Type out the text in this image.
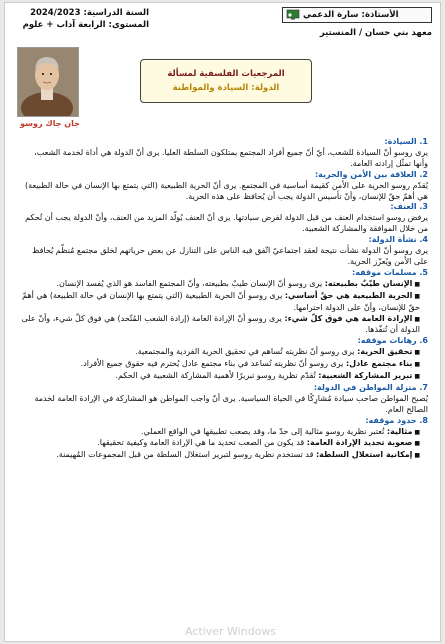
الأستاذة:
سارة الدعمي
معهد بني حسان / المنستير
السنة الدراسية: 2024/2023
المستوى: الرابعة آداب + علوم
جان جاك روسو
المرجعيات الفلسفية لمسألة
الدولة: السيادة والمواطنة
1. السيادة:
يرى روسو أنّ السيادة للشعب، أيّ أنّ جميع أفراد المجتمع يمتلكون السلطة العليا. يرى أنّ الدولة هي أداة لخدمة الشعب، وأنها تمثّل إرادته العامة.
2. العلاقة بين الأمن والحرية:
يُقدّم روسو الحرية على الأمن كقيمة أساسية في المجتمع. يرى أنّ الحرية الطبيعية (التي يتمتع بها الإنسان في حالة الطبيعة) هي أهمّ حقّ للإنسان، وأنّ تأسيس الدولة يجب أن يُحافظ على هذه الحرية.
3. العنف:
يرفض روسو استخدام العنف من قبل الدولة لفرض سيادتها. يرى أنّ العنف يُولّد المزيد من العنف، وأنّ الدولة يجب أن تُحكم من خلال الموافقة والمشاركة الشعبية.
4. نشأة الدولة:
يرى روسو أنّ الدولة نشأت نتيجة لعقد اجتماعيّ اتّفق فيه الناس على التنازل عن بعض حرياتهم لخلق مجتمع مُنظّم يُحافظ على الأمن ويُعزّز الحرية.
5. مسلمات موقفه:
■ الإنسان طيّبٌ بطبيعته: يرى روسو أنّ الإنسان طيبٌ بطبيعته، وأنّ المجتمع الفاسد هو الذي يُفسد الإنسان.
■ الحرية الطبيعية هي حقٌ أساسي: يرى روسو أنّ الحرية الطبيعية (التي يتمتع بها الإنسان في حالة الطبيعة) هي أهمّ حقّ للإنسان، وأنّ على الدولة احترامها.
■ الإرادة العامة هي فوق كلّ شيء: يرى روسو أنّ الإرادة العامة (إرادة الشعب المُتّحد) هي فوق كلّ شيء، وأنّ على الدولة أن تُنفّذها.
6. رهانات موقفه:
■ تحقيق الحرية: يرى روسو أنّ نظريته تُساهم في تحقيق الحرية الفردية والمجتمعية.
■ بناء مجتمع عادل: يرى روسو أنّ نظريته تُساعد في بناء مجتمع عادل يُحترم فيه حقوق جميع الأفراد.
■ تبرير المشاركة الشعبية: تُقدّم نظرية روسو تبريرًا لأهمية المشاركة الشعبية في الحكم.
7. منزلة المواطن في الدولة:
يُصبح المواطن صاحب سيادة مُشارِكًا في الحياة السياسية. يرى أنّ واجب المواطن هو المشاركة في الإرادة العامة لخدمة الصالح العام.
8. حدود موقفه:
■ مثالية: تُعتبر نظرية روسو مثالية إلى حدّ ما، وقد يصعب تطبيقها في الواقع العملي.
■ صعوبة تحديد الإرادة العامة: قد يكون من الصعب تحديد ما هي الإرادة العامة وكيفية تحقيقها.
■ إمكانية استغلال السلطة: قد تستخدم نظرية روسو لتبرير استغلال السلطة من قبل المجموعات المُهيمنة.
Activer Windows
